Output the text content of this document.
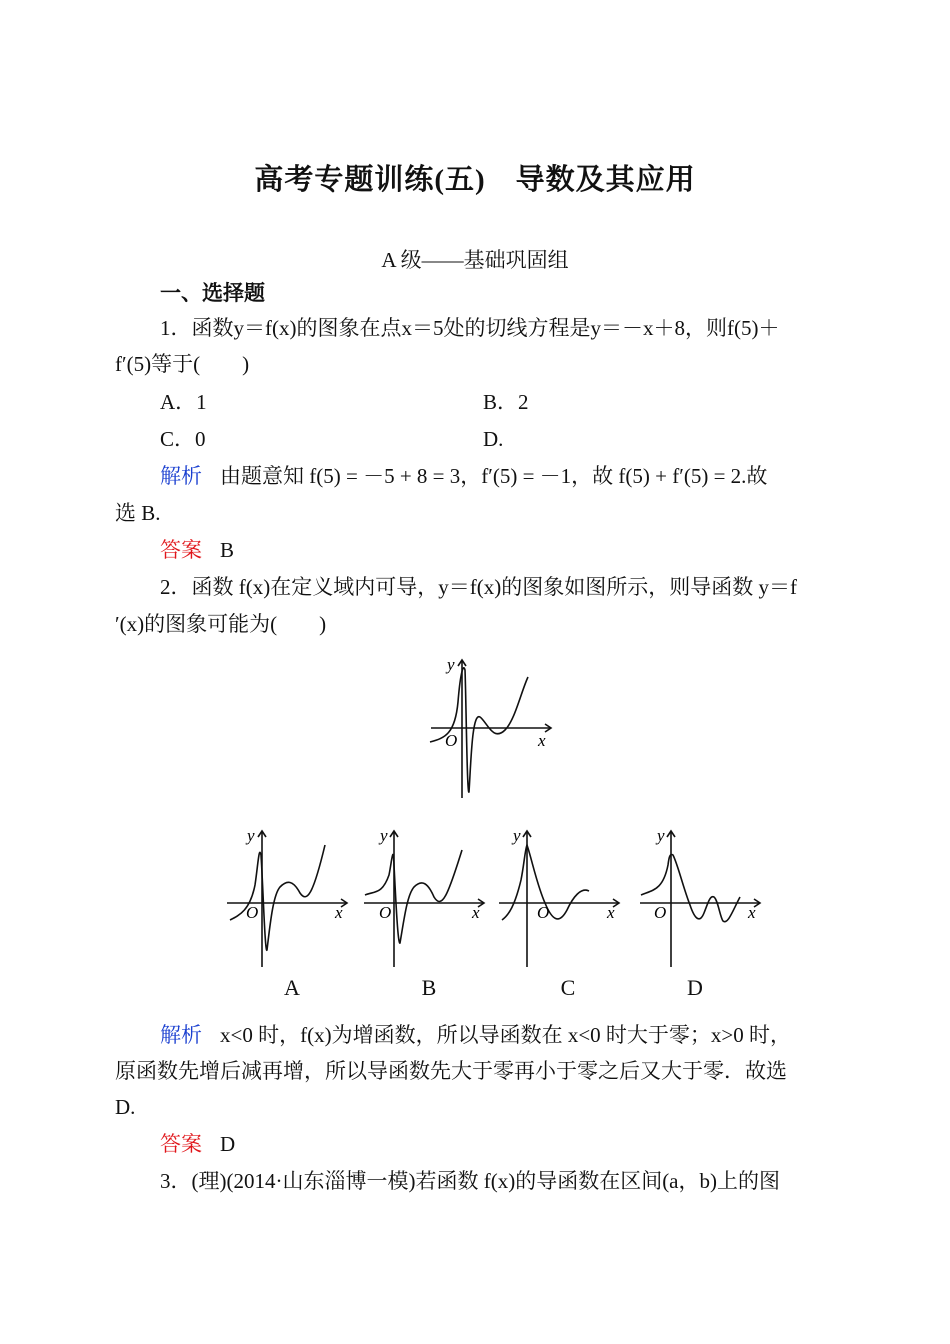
高考专题训练(五)　导数及其应用
A 级——基础巩固组
一、选择题
1．函数y＝f(x)的图象在点x＝5处的切线方程是y＝－x＋8，则f(5)＋
f′(5)等于(　　)
A．1	B．2
C．0	D.
解析 由题意知 f(5) = －5 + 8 = 3，f′(5) = －1，故 f(5) + f′(5) = 2.故
选 B.
答案 B
2．函数 f(x)在定义域内可导，y＝f(x)的图象如图所示，则导函数 y＝f
′(x)的图象可能为(　　)
y
x
O
y
x
O
y
x
O
y
x
O
y
x
O
A	B	C	D
解析 x<0 时，f(x)为增函数，所以导函数在 x<0 时大于零；x>0 时，
原函数先增后减再增，所以导函数先大于零再小于零之后又大于零．故选
D.
答案 D
3．(理)(2014·山东淄博一模)若函数 f(x)的导函数在区间(a，b)上的图
